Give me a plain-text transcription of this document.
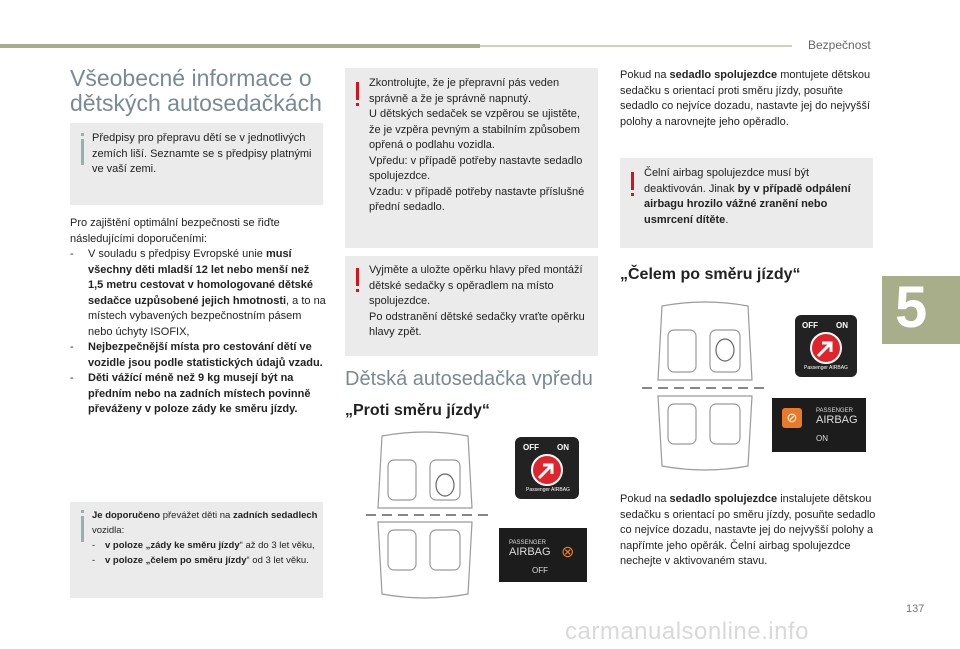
Bezpečnost
5
137
Všeobecné informace o dětských autosedačkách

Předpisy pro přepravu dětí se v jednotlivých zemích liší. Seznamte se s předpisy platnými ve vaší zemi.

Pro zajištění optimální bezpečnosti se řiďte následujícími doporučeními:

- V souladu s předpisy Evropské unie musí všechny děti mladší 12 let nebo menší než 1,5 metru cestovat v homologované dětské sedačce uzpůsobené jejich hmotnosti, a to na místech vybavených bezpečnostním pásem nebo úchyty ISOFIX,
- Nejbezpečnější místa pro cestování dětí ve vozidle jsou podle statistických údajů vzadu.
- Děti vážící méně než 9 kg musejí být na předním nebo na zadních místech povinně převáženy v poloze zády ke směru jízdy.

Je doporučeno převážet děti na zadních sedadlech vozidla:

- v poloze „zády ke směru jízdy“ až do 3 let věku,
- v poloze „čelem po směru jízdy“ od 3 let věku.

Zkontrolujte, že je přepravní pás veden správně a že je správně napnutý.

U dětských sedaček se vzpěrou se ujistěte, že je vzpěra pevným a stabilním způsobem opřená o podlahu vozidla.

Vpředu: v případě potřeby nastavte sedadlo spolujezdce.

Vzadu: v případě potřeby nastavte příslušné přední sedadlo.

Vyjměte a uložte opěrku hlavy před montáží dětské sedačky s opěradlem na místo spolujezdce.

Po odstranění dětské sedačky vraťte opěrku hlavy zpět.

Dětská autosedačka vpředu
„Proti směru jízdy“
OFF ON
Passenger AIRBAG
PASSENGER
AIRBAG ⊗
OFF

Pokud na sedadlo spolujezdce montujete dětskou sedačku s orientací proti směru jízdy, posuňte sedadlo co nejvíce dozadu, nastavte jej do nejvyšší polohy a narovnejte jeho opěradlo.

Čelní airbag spolujezdce musí být deaktivován. Jinak by v případě odpálení airbagu hrozilo vážné zranění nebo usmrcení dítěte.

„Čelem po směru jízdy“
OFF ON
Passenger AIRBAG
⊘	PASSENGER
AIRBAG
ON

Pokud na sedadlo spolujezdce instalujete dětskou sedačku s orientací po směru jízdy, posuňte sedadlo co nejvíce dozadu, nastavte jej do nejvyšší polohy a napřímte jeho opěrák. Čelní airbag spolujezdce nechejte v aktivovaném stavu.

carmanualsonline.info
